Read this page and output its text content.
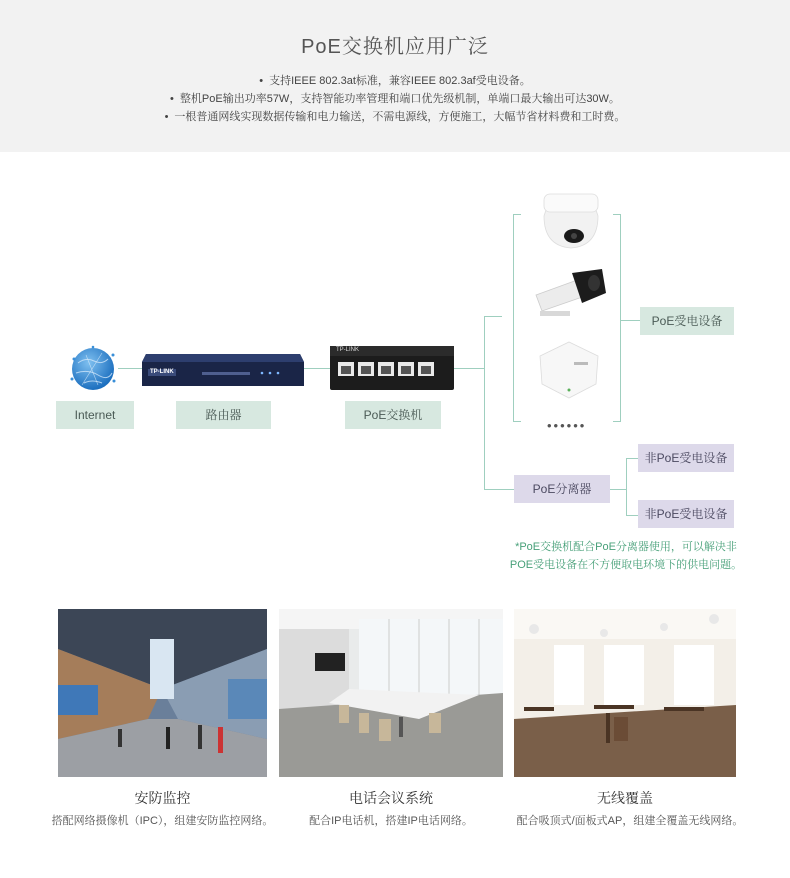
PoE交换机应用广泛
• 支持IEEE 802.3at标准，兼容IEEE 802.3af受电设备。
• 整机PoE输出功率57W，支持智能功率管理和端口优先级机制，单端口最大输出可达30W。
• 一根普通网线实现数据传输和电力输送，不需电源线，方便施工，大幅节省材料费和工时费。
TP-LINK
TP-LINK
••••••
Internet	路由器	PoE交换机
PoE受电设备
PoE分离器
非PoE受电设备
非PoE受电设备
*PoE交换机配合PoE分离器使用，可以解决非
POE受电设备在不方便取电环境下的供电问题。
安防监控
搭配网络摄像机（IPC），组建安防监控网络。
电话会议系统
配合IP电话机，搭建IP电话网络。
无线覆盖
配合吸顶式/面板式AP，组建全覆盖无线网络。
